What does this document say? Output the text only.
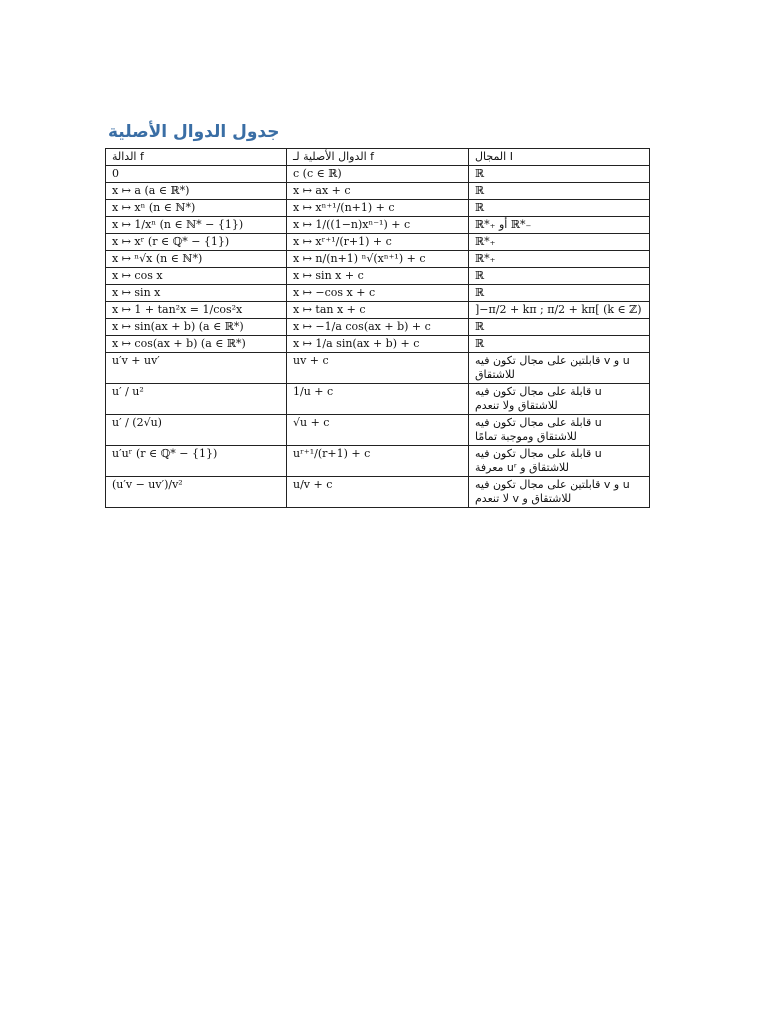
جدول الدوال الأصلية
الدالة f	الدوال الأصلية لـ f	المجال I
0	c (c ∈ ℝ)	ℝ
x ↦ a (a ∈ ℝ*)	x ↦ ax + c	ℝ
x ↦ xⁿ (n ∈ ℕ*)	x ↦ xⁿ⁺¹/(n+1) + c	ℝ
x ↦ 1/xⁿ (n ∈ ℕ* − {1})	x ↦ 1/((1−n)xⁿ⁻¹) + c	ℝ*₊ أو ℝ*₋
x ↦ xʳ (r ∈ ℚ* − {1})	x ↦ xʳ⁺¹/(r+1) + c	ℝ*₊
x ↦ ⁿ√x (n ∈ ℕ*)	x ↦ n/(n+1) ⁿ√(xⁿ⁺¹) + c	ℝ*₊
x ↦ cos x	x ↦ sin x + c	ℝ
x ↦ sin x	x ↦ −cos x + c	ℝ
x ↦ 1 + tan²x = 1/cos²x	x ↦ tan x + c	]−π/2 + kπ ; π/2 + kπ[ (k ∈ ℤ)
x ↦ sin(ax + b) (a ∈ ℝ*)	x ↦ −1/a cos(ax + b) + c	ℝ
x ↦ cos(ax + b) (a ∈ ℝ*)	x ↦ 1/a sin(ax + b) + c	ℝ
u′v + uv′	uv + c	u و v قابلتين على مجال تكون فيه للاشتقاق
u′ / u²	1/u + c	u قابلة على مجال تكون فيه للاشتقاق ولا تنعدم
u′ / (2√u)	√u + c	u قابلة على مجال تكون فيه للاشتقاق وموجبة تمامًا
u′uʳ (r ∈ ℚ* − {1})	uʳ⁺¹/(r+1) + c	u قابلة على مجال تكون فيه للاشتقاق و uʳ معرفة
(u′v − uv′)/v²	u/v + c	u و v قابلتين على مجال تكون فيه للاشتقاق و v لا تنعدم
